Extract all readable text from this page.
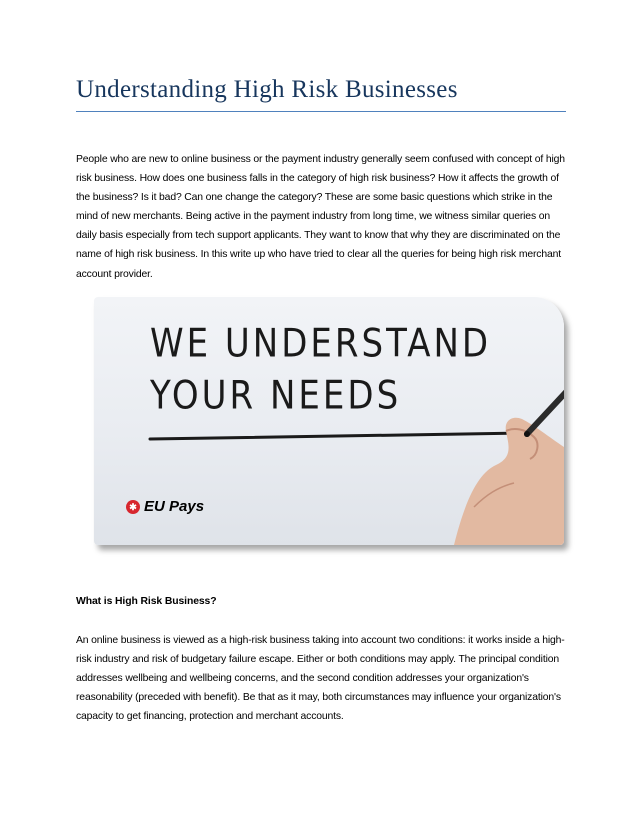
Understanding High Risk Businesses

People who are new to online business or the payment industry generally seem confused with concept of high risk business. How does one business falls in the category of high risk business? How it affects the growth of the business? Is it bad? Can one change the category? These are some basic questions which strike in the mind of new merchants. Being active in the payment industry from long time, we witness similar queries on daily basis especially from tech support applicants. They want to know that why they are discriminated on the name of high risk business. In this write up who have tried to clear all the queries for being high risk merchant account provider.

WE UNDERSTAND
YOUR NEEDS
✱ EU Pays
What is High Risk Business?

An online business is viewed as a high-risk business taking into account two conditions: it works inside a high-risk industry and risk of budgetary failure escape. Either or both conditions may apply. The principal condition addresses wellbeing and wellbeing concerns, and the second condition addresses your organization's reasonability (preceded with benefit). Be that as it may, both circumstances may influence your organization's capacity to get financing, protection and merchant accounts.
